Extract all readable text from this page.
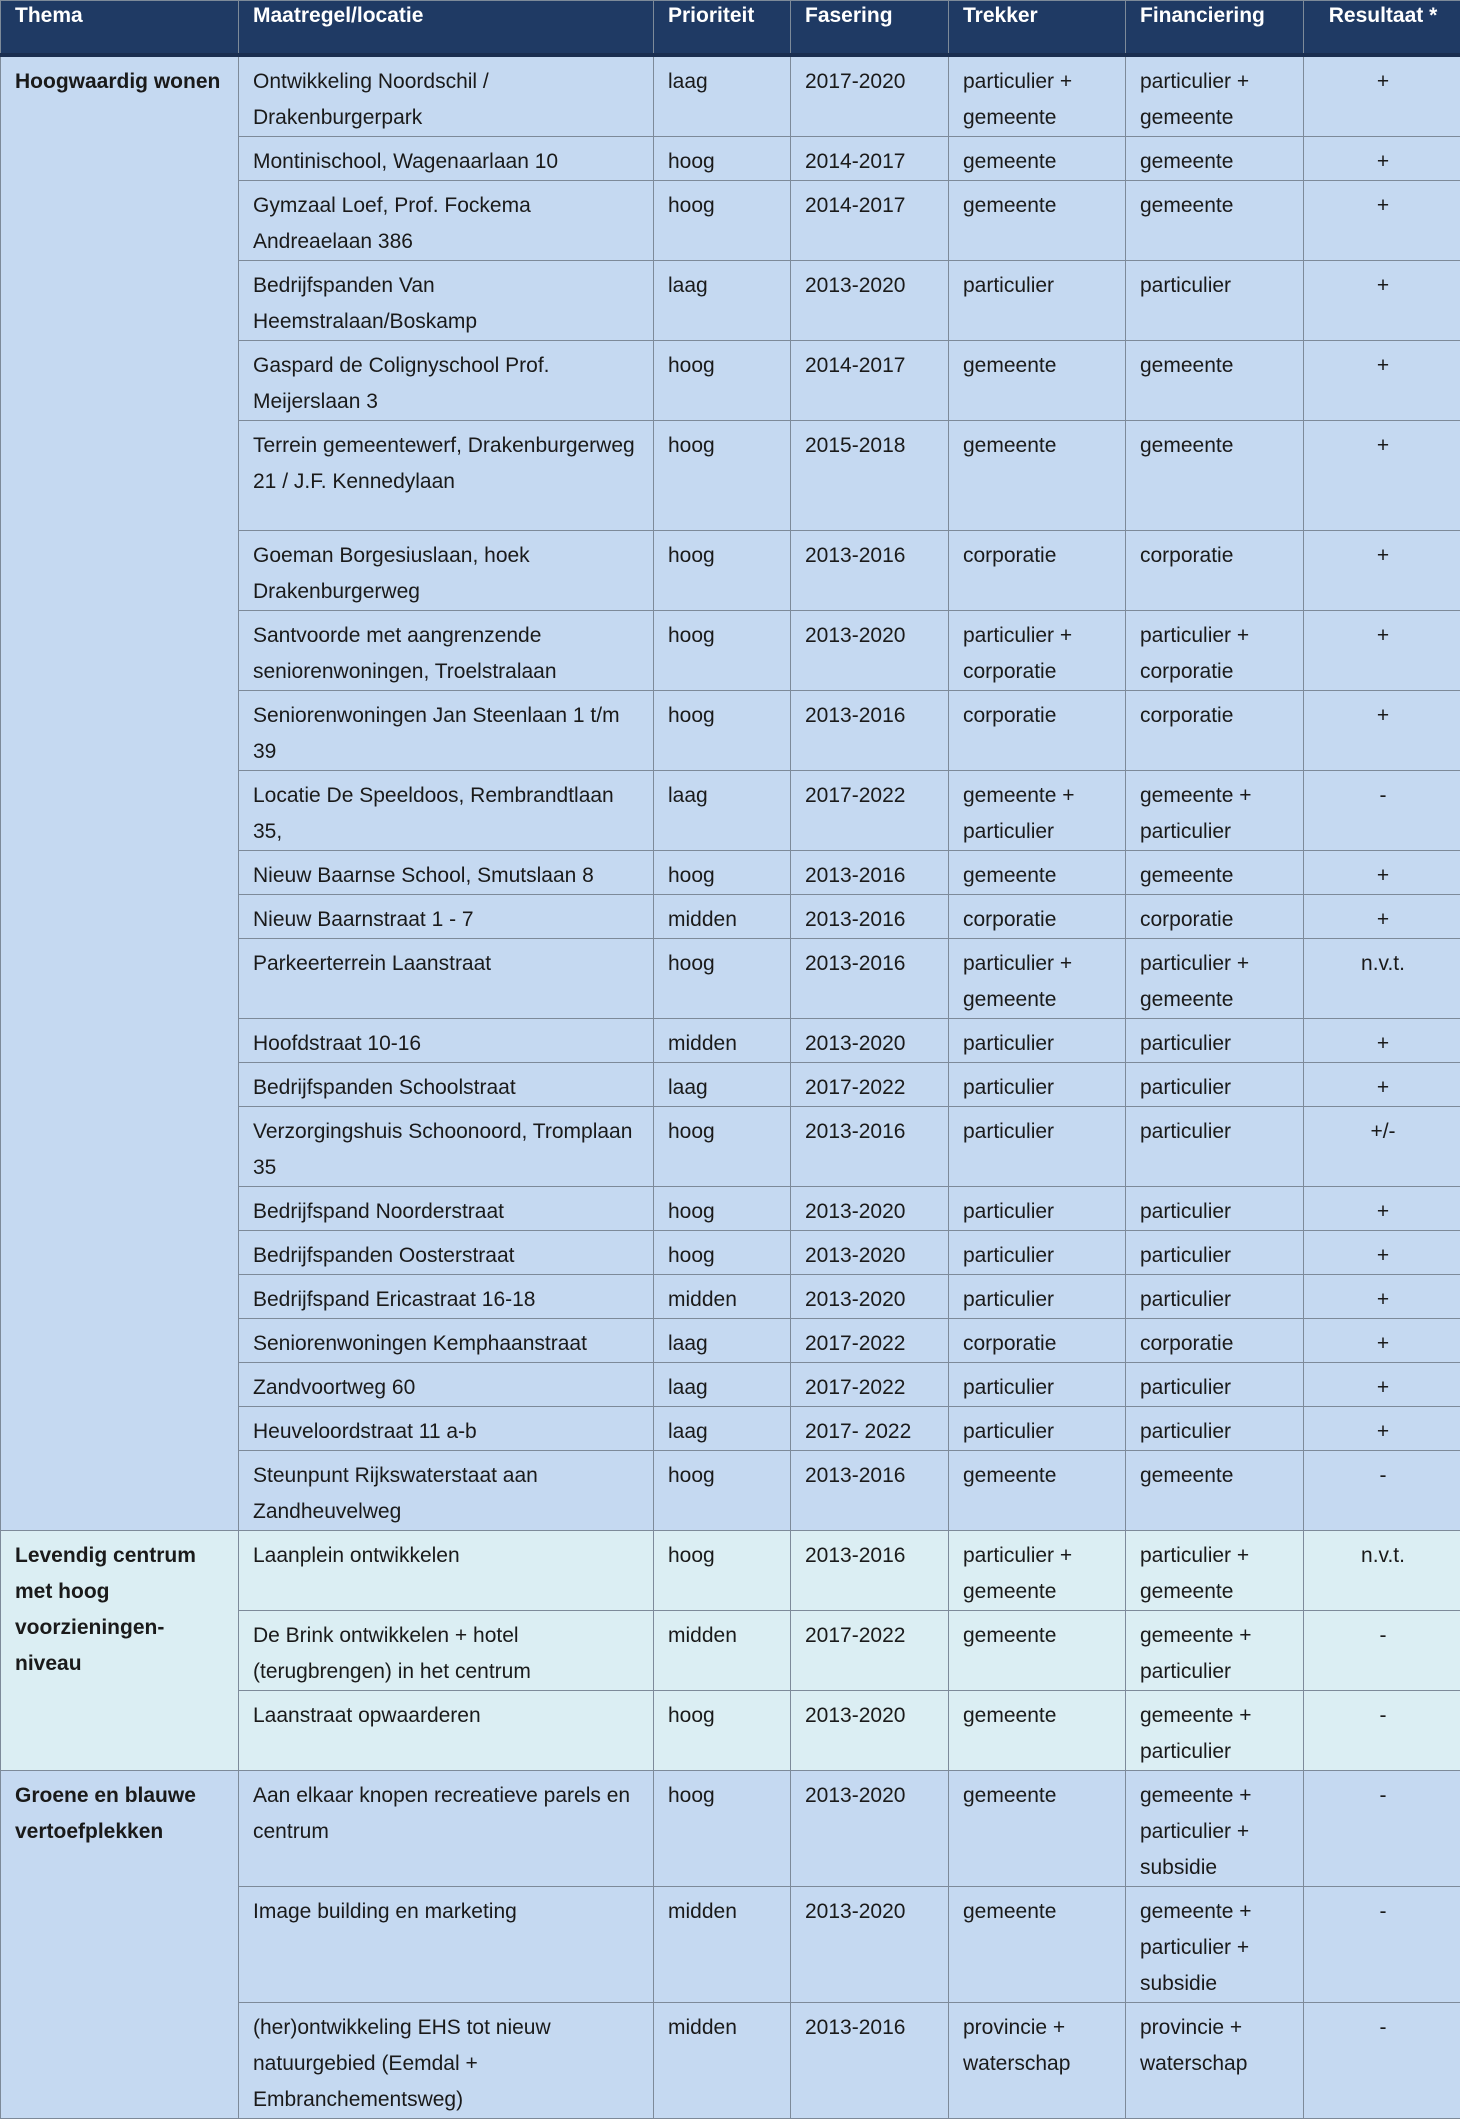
Thema	Maatregel/locatie	Prioriteit	Fasering	Trekker	Financiering	Resultaat *
Hoogwaardig wonen	Ontwikkeling Noordschil / Drakenburgerpark	laag	2017-2020	particulier + gemeente	particulier + gemeente	+
	Montinischool, Wagenaarlaan 10	hoog	2014-2017	gemeente	gemeente	+
	Gymzaal Loef, Prof. Fockema Andreaelaan 386	hoog	2014-2017	gemeente	gemeente	+
	Bedrijfspanden Van Heemstralaan/Boskamp	laag	2013-2020	particulier	particulier	+
	Gaspard de Colignyschool Prof. Meijerslaan 3	hoog	2014-2017	gemeente	gemeente	+
	Terrein gemeentewerf, Drakenburgerweg 21 / J.F. Kennedylaan	hoog	2015-2018	gemeente	gemeente	+
	Goeman Borgesiuslaan, hoek Drakenburgerweg	hoog	2013-2016	corporatie	corporatie	+
	Santvoorde met aangrenzende seniorenwoningen, Troelstralaan	hoog	2013-2020	particulier + corporatie	particulier + corporatie	+
	Seniorenwoningen Jan Steenlaan 1 t/m 39	hoog	2013-2016	corporatie	corporatie	+
	Locatie De Speeldoos, Rembrandtlaan 35,	laag	2017-2022	gemeente + particulier	gemeente + particulier	-
	Nieuw Baarnse School, Smutslaan 8	hoog	2013-2016	gemeente	gemeente	+
	Nieuw Baarnstraat 1 - 7	midden	2013-2016	corporatie	corporatie	+
	Parkeerterrein Laanstraat	hoog	2013-2016	particulier + gemeente	particulier + gemeente	n.v.t.
	Hoofdstraat 10-16	midden	2013-2020	particulier	particulier	+
	Bedrijfspanden Schoolstraat	laag	2017-2022	particulier	particulier	+
	Verzorgingshuis Schoonoord, Tromplaan 35	hoog	2013-2016	particulier	particulier	+/-
	Bedrijfspand Noorderstraat	hoog	2013-2020	particulier	particulier	+
	Bedrijfspanden Oosterstraat	hoog	2013-2020	particulier	particulier	+
	Bedrijfspand Ericastraat 16-18	midden	2013-2020	particulier	particulier	+
	Seniorenwoningen Kemphaanstraat	laag	2017-2022	corporatie	corporatie	+
	Zandvoortweg 60	laag	2017-2022	particulier	particulier	+
	Heuveloordstraat 11 a-b	laag	2017- 2022	particulier	particulier	+
	Steunpunt Rijkswaterstaat aan Zandheuvelweg	hoog	2013-2016	gemeente	gemeente	-
Levendig centrum met hoog voorzieningen-niveau	Laanplein ontwikkelen	hoog	2013-2016	particulier + gemeente	particulier + gemeente	n.v.t.
	De Brink ontwikkelen + hotel (terugbrengen) in het centrum	midden	2017-2022	gemeente	gemeente + particulier	-
	Laanstraat opwaarderen	hoog	2013-2020	gemeente	gemeente + particulier	-
Groene en blauwe vertoefplekken	Aan elkaar knopen recreatieve parels en centrum	hoog	2013-2020	gemeente	gemeente + particulier + subsidie	-
	Image building en marketing	midden	2013-2020	gemeente	gemeente + particulier + subsidie	-
	(her)ontwikkeling EHS tot nieuw natuurgebied (Eemdal + Embranchementsweg)	midden	2013-2016	provincie + waterschap	provincie + waterschap	-
